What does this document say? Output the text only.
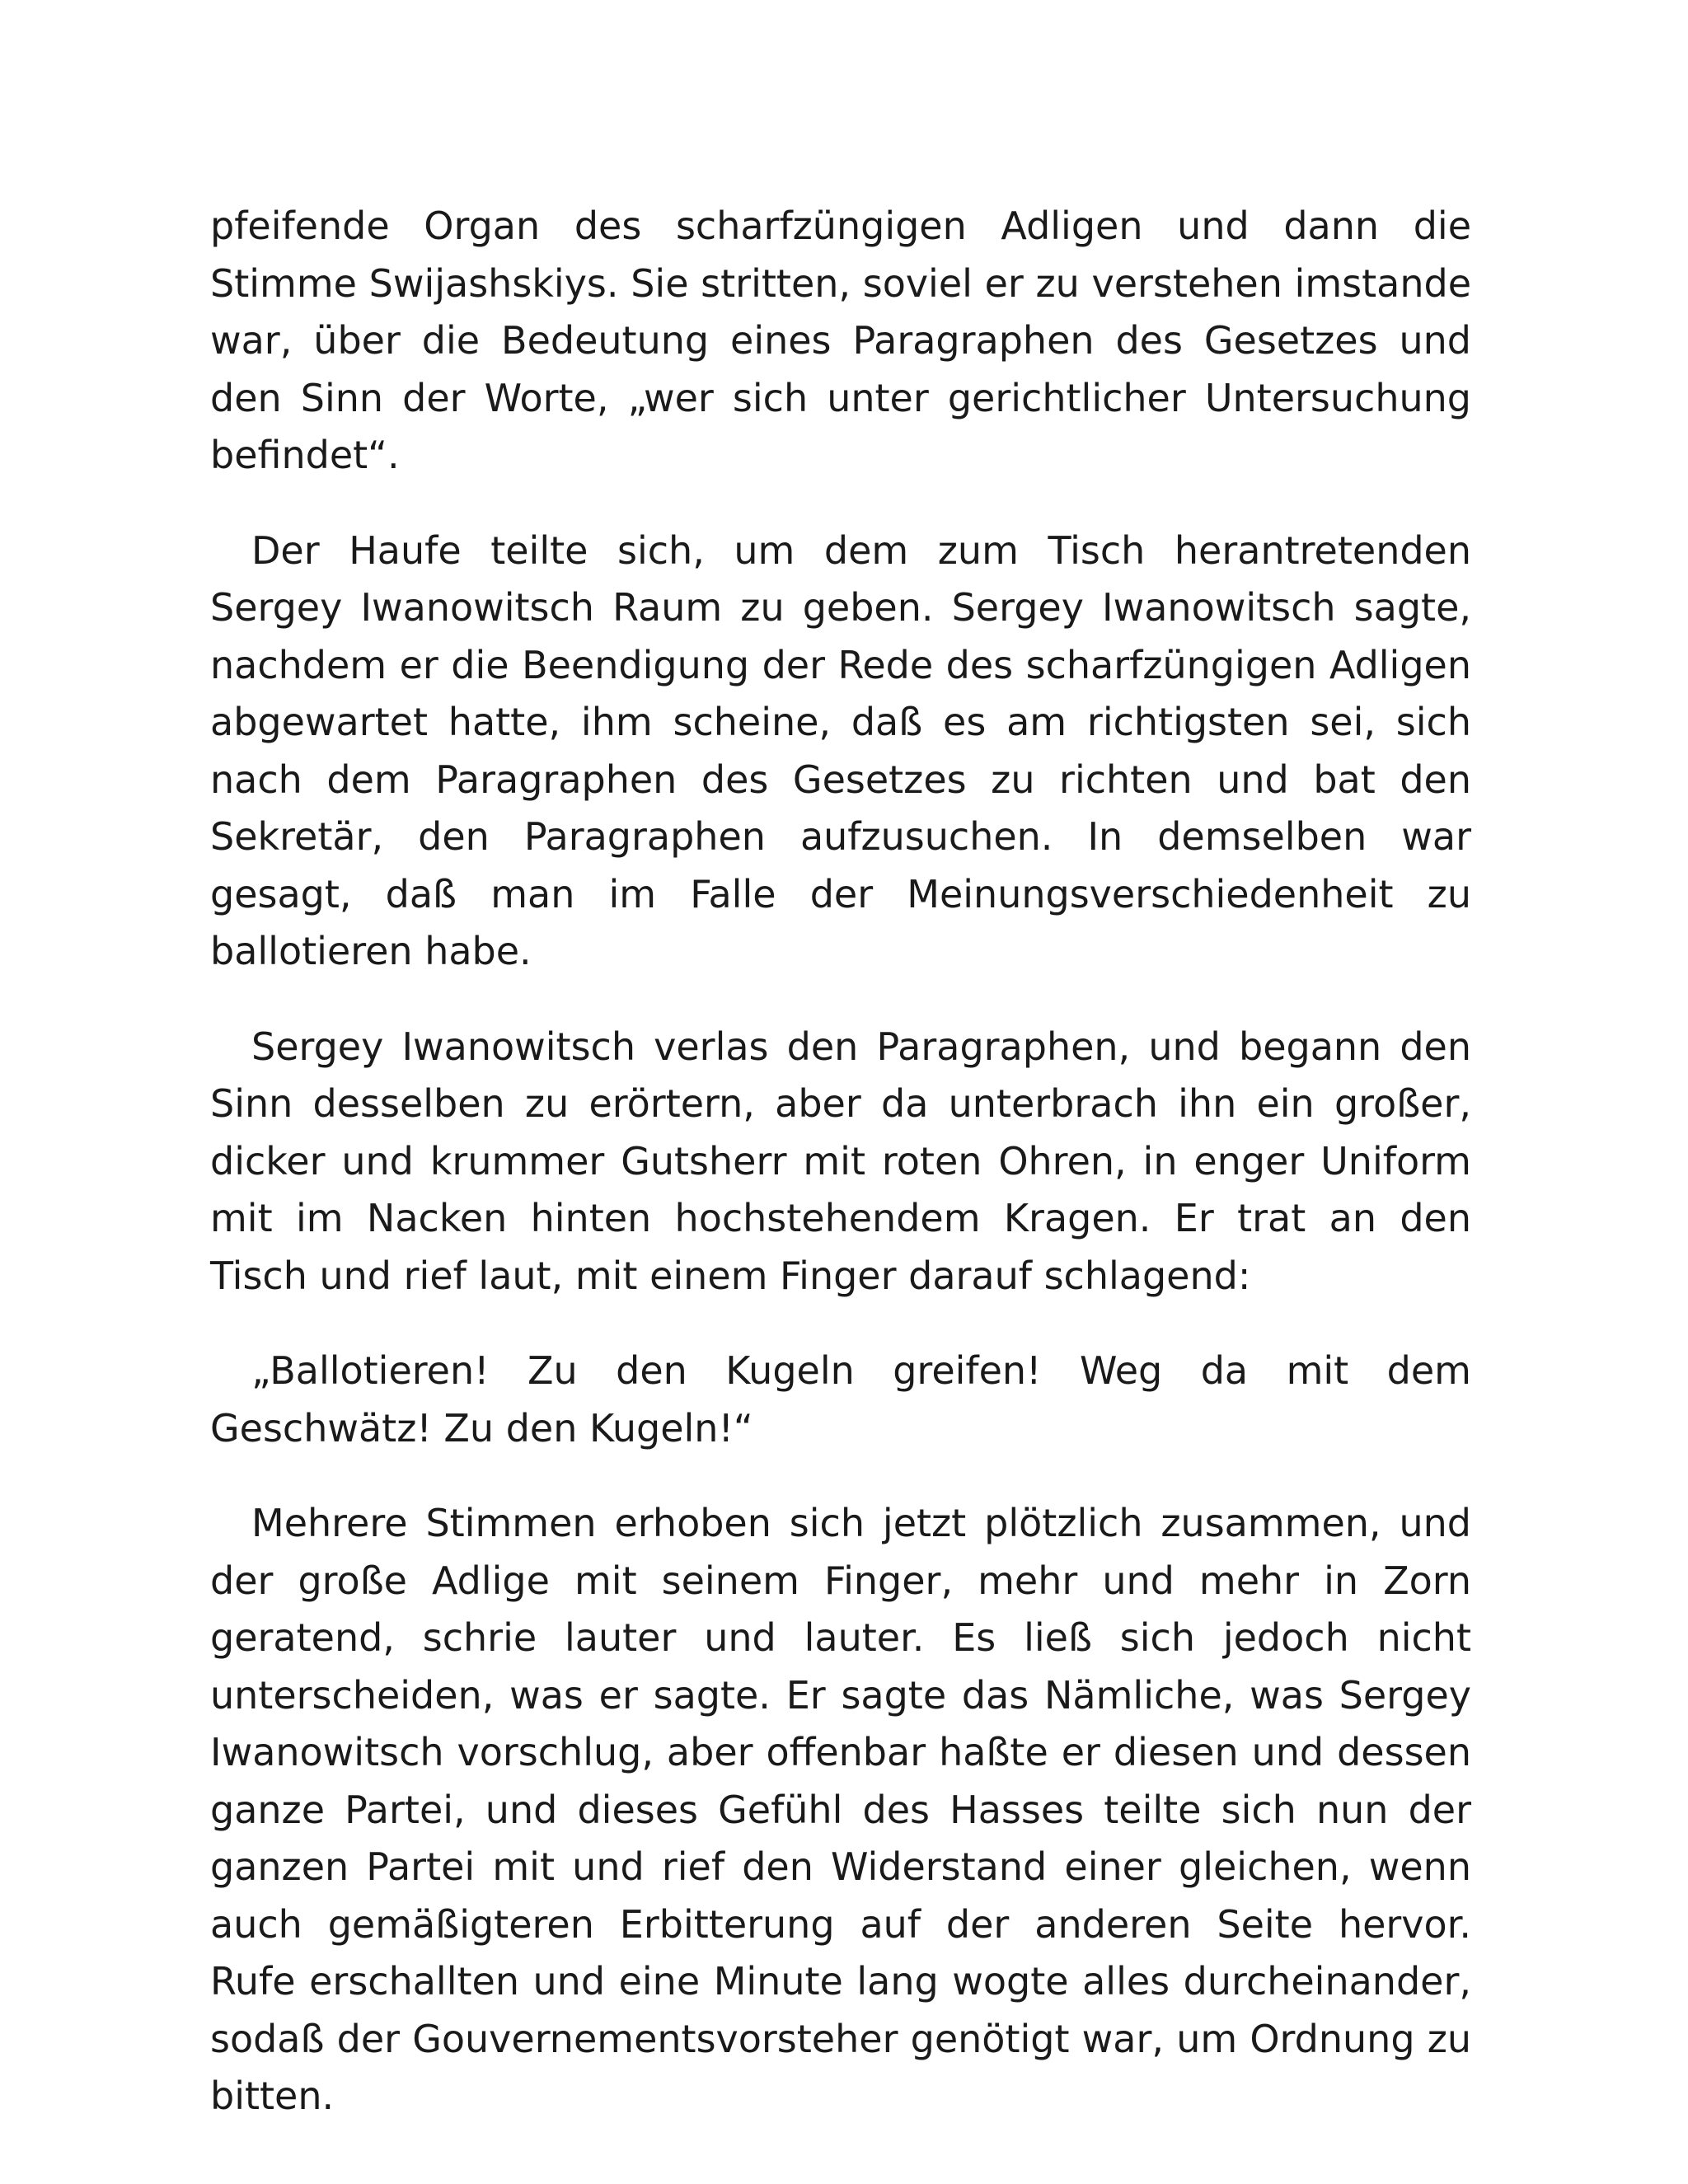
pfeifende Organ des scharfzüngigen Adligen und dann die Stimme Swijashskiys. Sie stritten, soviel er zu verstehen imstande war, über die Bedeutung eines Paragraphen des Gesetzes und den Sinn der Worte, „wer sich unter gerichtlicher Untersuchung befindet“.

Der Haufe teilte sich, um dem zum Tisch herantretenden Sergey Iwanowitsch Raum zu geben. Sergey Iwanowitsch sagte, nachdem er die Beendigung der Rede des scharfzüngigen Adligen abgewartet hatte, ihm scheine, daß es am richtigsten sei, sich nach dem Paragraphen des Gesetzes zu richten und bat den Sekretär, den Paragraphen aufzusuchen. In demselben war gesagt, daß man im Falle der Meinungsverschiedenheit zu ballotieren habe.

Sergey Iwanowitsch verlas den Paragraphen, und begann den Sinn desselben zu erörtern, aber da unterbrach ihn ein großer, dicker und krummer Gutsherr mit roten Ohren, in enger Uniform mit im Nacken hinten hochstehendem Kragen. Er trat an den Tisch und rief laut, mit einem Finger darauf schlagend:

„Ballotieren! Zu den Kugeln greifen! Weg da mit dem Geschwätz! Zu den Kugeln!“

Mehrere Stimmen erhoben sich jetzt plötzlich zusammen, und der große Adlige mit seinem Finger, mehr und mehr in Zorn geratend, schrie lauter und lauter. Es ließ sich jedoch nicht unterscheiden, was er sagte. Er sagte das Nämliche, was Sergey Iwanowitsch vorschlug, aber offenbar haßte er diesen und dessen ganze Partei, und dieses Gefühl des Hasses teilte sich nun der ganzen Partei mit und rief den Widerstand einer gleichen, wenn auch gemäßigteren Erbitterung auf der anderen Seite hervor. Rufe erschallten und eine Minute lang wogte alles durcheinander, sodaß der Gouvernementsvorsteher genötigt war, um Ordnung zu bitten.
